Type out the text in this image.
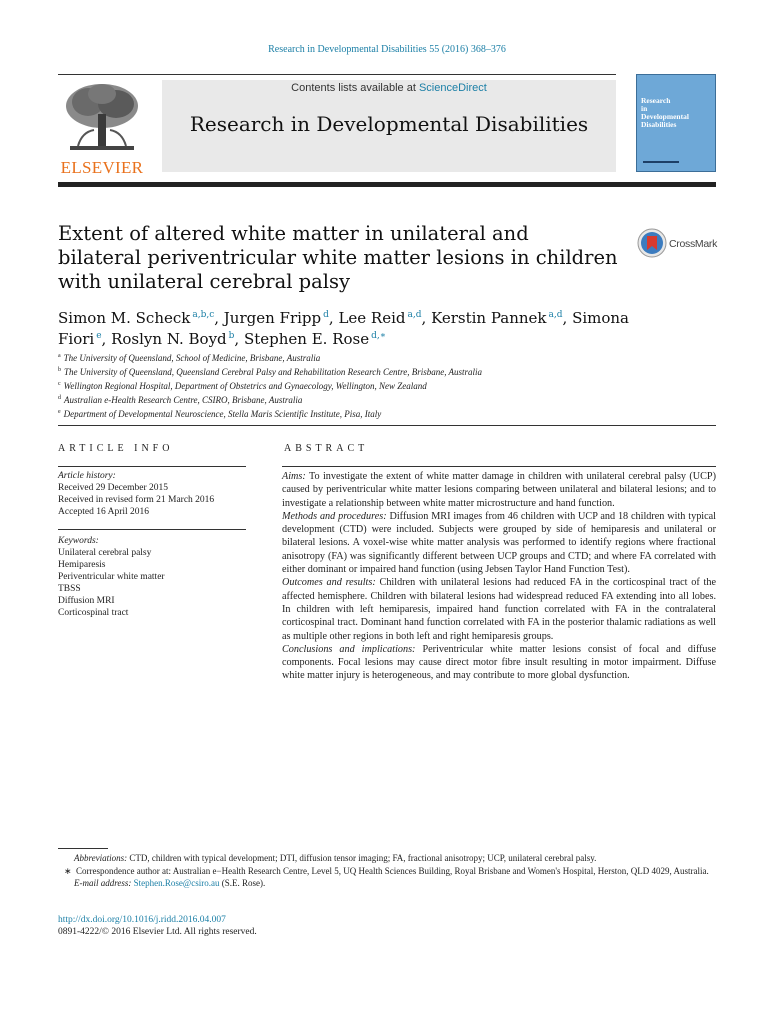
Research in Developmental Disabilities 55 (2016) 368–376
ELSEVIER
Contents lists available at ScienceDirect
Research in Developmental Disabilities
Research
in
Developmental
Disabilities
Extent of altered white matter in unilateral and bilateral periventricular white matter lesions in children with unilateral cerebral palsy
CrossMark
Simon M. Scheck $^{a,b,c}$, Jurgen Fripp $^d$, Lee Reid $^{a,d}$, Kerstin Pannek $^{a,d}$, Simona Fiori $^e$, Roslyn N. Boyd $^b$, Stephen E. Rose $^{d,∗}$
$^a$ The University of Queensland, School of Medicine, Brisbane, Australia
$^b$ The University of Queensland, Queensland Cerebral Palsy and Rehabilitation Research Centre, Brisbane, Australia
$^c$ Wellington Regional Hospital, Department of Obstetrics and Gynaecology, Wellington, New Zealand
$^d$ Australian e-Health Research Centre, CSIRO, Brisbane, Australia
$^e$ Department of Developmental Neuroscience, Stella Maris Scientific Institute, Pisa, Italy
ARTICLE INFO	ABSTRACT
Article history:
Received 29 December 2015
Received in revised form 21 March 2016
Accepted 16 April 2016
Keywords:
Unilateral cerebral palsy
Hemiparesis
Periventricular white matter
TBSS
Diffusion MRI
Corticospinal tract

Aims: To investigate the extent of white matter damage in children with unilateral cerebral palsy (UCP) caused by periventricular white matter lesions comparing between unilateral and bilateral lesions; and to investigate a relationship between white matter microstructure and hand function.

Methods and procedures: Diffusion MRI images from 46 children with UCP and 18 children with typical development (CTD) were included. Subjects were grouped by side of hemiparesis and unilateral or bilateral lesions. A voxel-wise white matter analysis was performed to identify regions where fractional anisotropy (FA) was significantly different between UCP groups and CTD; and where FA correlated with either dominant or impaired hand function (using Jebsen Taylor Hand Function Test).

Outcomes and results: Children with unilateral lesions had reduced FA in the corticospinal tract of the affected hemisphere. Children with bilateral lesions had widespread reduced FA extending into all lobes. In children with left hemiparesis, impaired hand function correlated with FA in the contralateral corticospinal tract. Dominant hand function correlated with FA in the posterior thalamic radiations as well as multiple other regions in both left and right hemiparesis groups.

Conclusions and implications: Periventricular white matter lesions consist of focal and diffuse components. Focal lesions may cause direct motor fibre insult resulting in motor impairment. Diffuse white matter injury is heterogeneous, and may contribute to more global dysfunction.

Abbreviations: CTD, children with typical development; DTI, diffusion tensor imaging; FA, fractional anisotropy; UCP, unilateral cerebral palsy.

∗ Correspondence author at: Australian e−Health Research Centre, Level 5, UQ Health Sciences Building, Royal Brisbane and Women's Hospital, Herston, QLD 4029, Australia.

E-mail address: Stephen.Rose@csiro.au (S.E. Rose).

http://dx.doi.org/10.1016/j.ridd.2016.04.007
0891-4222/© 2016 Elsevier Ltd. All rights reserved.
